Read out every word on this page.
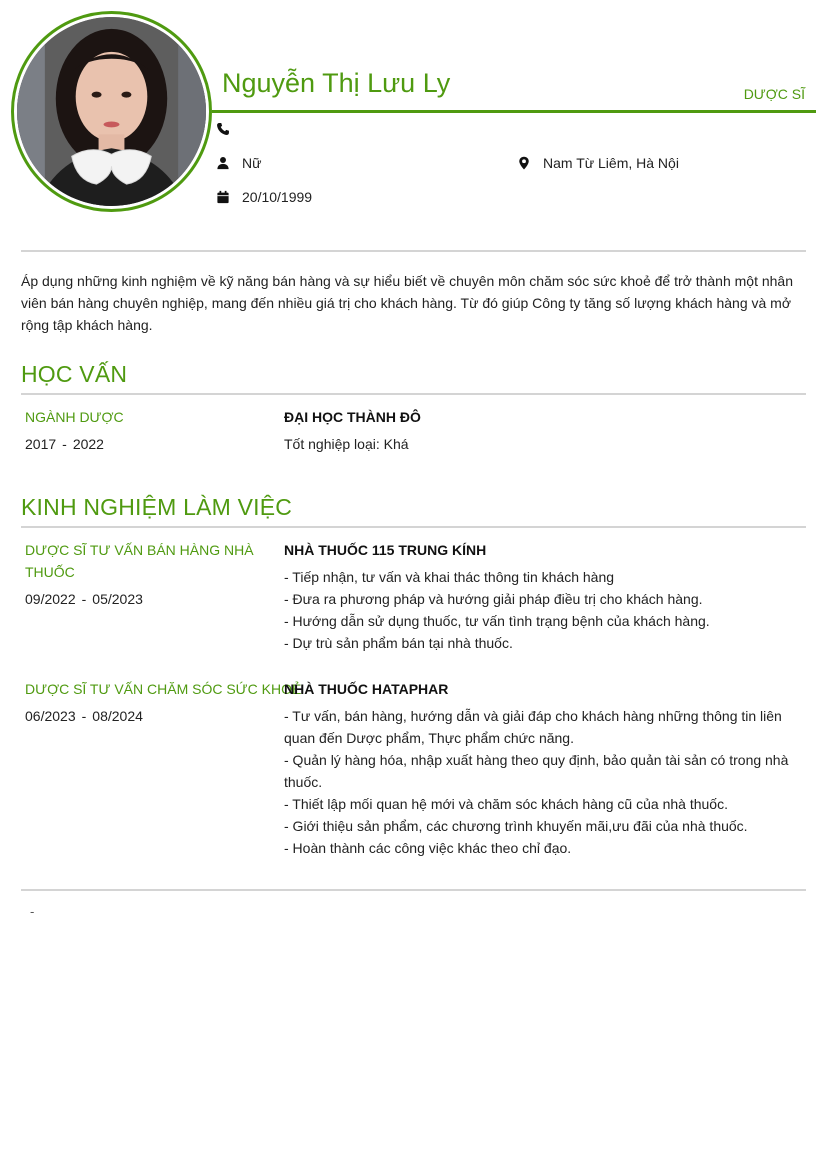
Nguyễn Thị Lưu Ly	DƯỢC SĨ
Nữ	Nam Từ Liêm, Hà Nội
20/10/1999
Áp dụng những kinh nghiệm về kỹ năng bán hàng và sự hiểu biết về chuyên môn chăm sóc sức khoẻ để trở thành một nhân viên bán hàng chuyên nghiệp, mang đến nhiều giá trị cho khách hàng. Từ đó giúp Công ty tăng số lượng khách hàng và mở rộng tập khách hàng.
HỌC VẤN
NGÀNH DƯỢC
2017 - 2022
ĐẠI HỌC THÀNH ĐÔ
Tốt nghiệp loại: Khá
KINH NGHIỆM LÀM VIỆC
DƯỢC SĨ TƯ VẤN BÁN HÀNG NHÀ THUỐC
09/2022 - 05/2023
NHÀ THUỐC 115 TRUNG KÍNH
- Tiếp nhận, tư vấn và khai thác thông tin khách hàng
- Đưa ra phương pháp và hướng giải pháp điều trị cho khách hàng.
- Hướng dẫn sử dụng thuốc, tư vấn tình trạng bệnh của khách hàng.
- Dự trù sản phẩm bán tại nhà thuốc.
DƯỢC SĨ TƯ VẤN CHĂM SÓC SỨC KHOẺ
06/2023 - 08/2024
NHÀ THUỐC HATAPHAR
- Tư vấn, bán hàng, hướng dẫn và giải đáp cho khách hàng những thông tin liên quan đến Dược phẩm, Thực phẩm chức năng.
- Quản lý hàng hóa, nhập xuất hàng theo quy định, bảo quản tài sản có trong nhà thuốc.
- Thiết lập mối quan hệ mới và chăm sóc khách hàng cũ của nhà thuốc.
- Giới thiệu sản phẩm, các chương trình khuyến mãi,ưu đãi của nhà thuốc.
- Hoàn thành các công việc khác theo chỉ đạo.
-
